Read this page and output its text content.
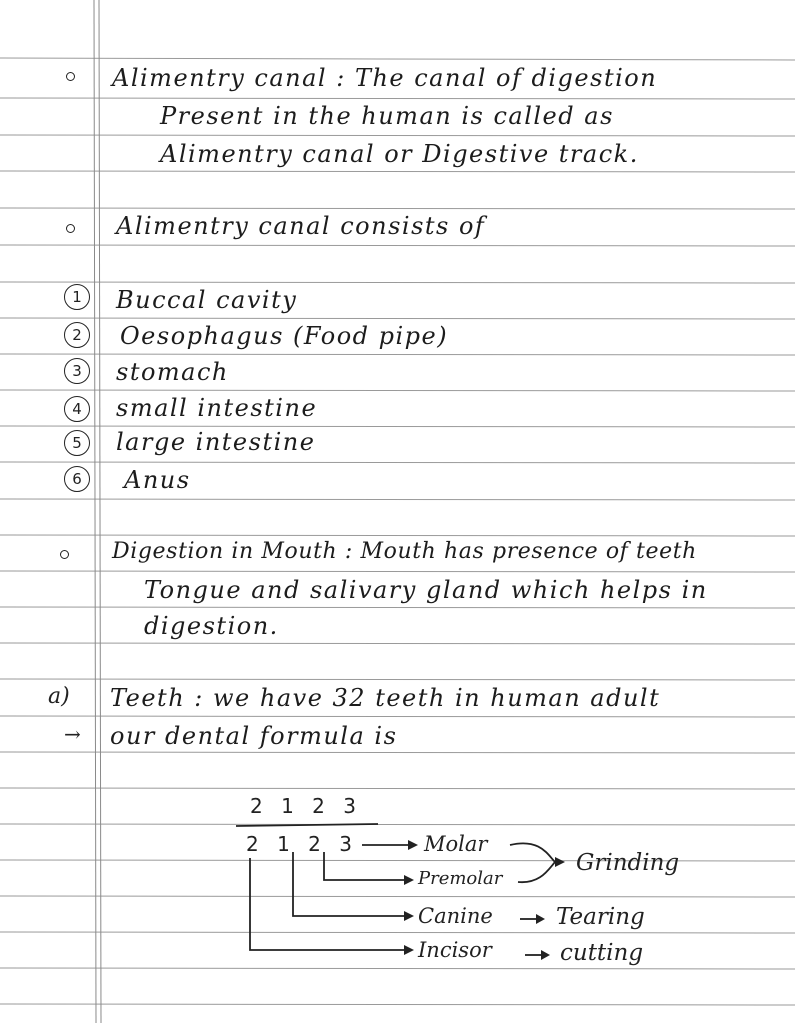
Alimentry canal : The canal of digestion
Present in the human is called as
Alimentry canal or Digestive track.
Alimentry canal consists of
1	Buccal cavity
2	Oesophagus (Food pipe)
3	stomach
4	small intestine
5	large intestine
6	Anus
Digestion in Mouth : Mouth has presence of teeth
Tongue and salivary gland which helps in
digestion.
a) Teeth : we have 32 teeth in human adult
→ our dental formula is
2 1 2 3
2 1 2 3	Molar
Premolar
Grinding
Canine	Tearing
Incisor	cutting
